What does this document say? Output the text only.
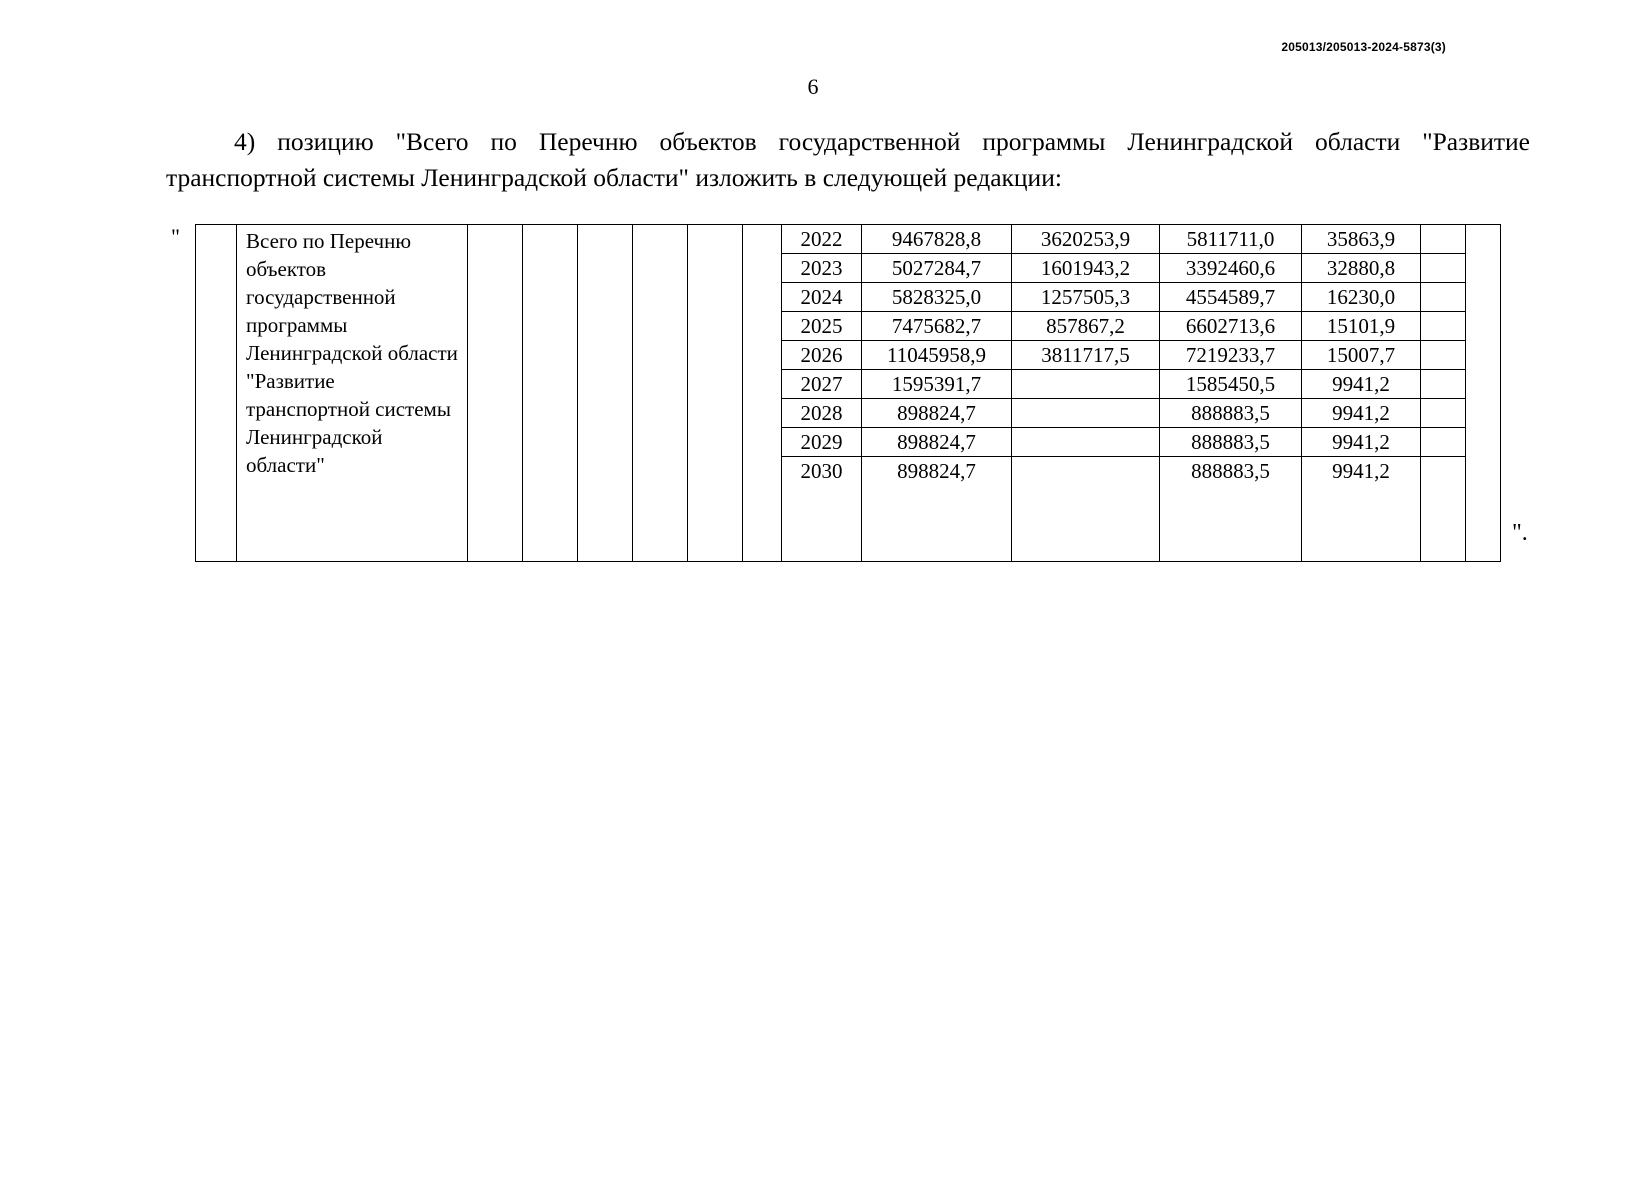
205013/205013-2024-5873(3)
6
4) позицию "Всего по Перечню объектов государственной программы Ленинградской области "Развитие транспортной системы Ленинградской области" изложить в следующей редакции:
"
".
	Всего по Перечню объектов государственной программы Ленинградской области "Развитие транспортной системы Ленинградской области"							2022	9467828,8	3620253,9	5811711,0	35863,9		
								2023	5027284,7	1601943,2	3392460,6	32880,8		
								2024	5828325,0	1257505,3	4554589,7	16230,0		
								2025	7475682,7	857867,2	6602713,6	15101,9		
								2026	11045958,9	3811717,5	7219233,7	15007,7		
								2027	1595391,7		1585450,5	9941,2		
								2028	898824,7		888883,5	9941,2		
								2029	898824,7		888883,5	9941,2		
								2030	898824,7		888883,5	9941,2		
